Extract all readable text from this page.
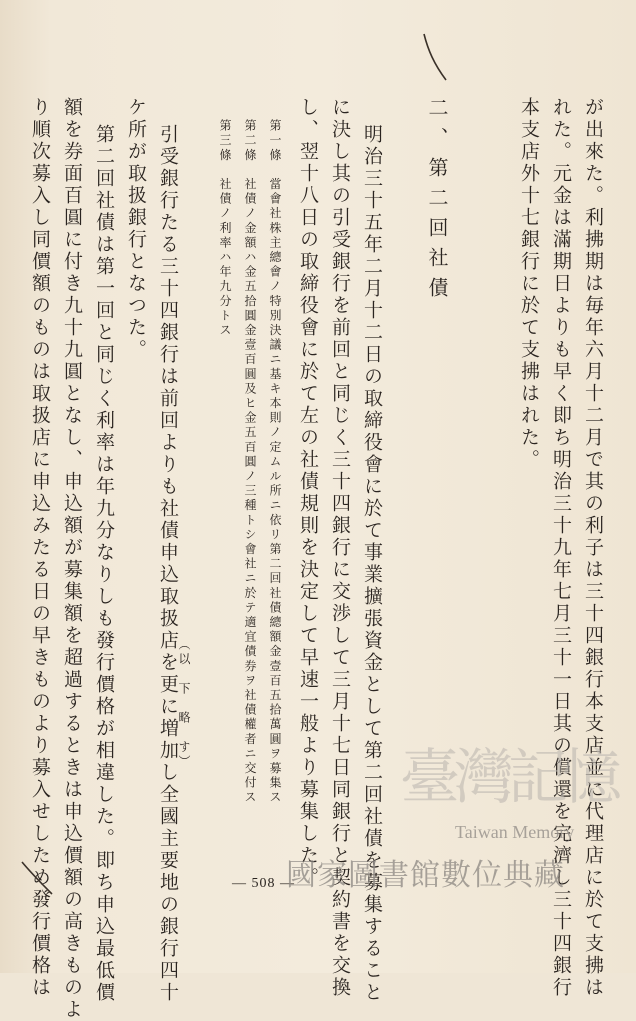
が出來た。利拂期は毎年六月十二月で其の利子は三十四銀行本支店並に代理店に於て支拂は
れた。元金は滿期日よりも早く即ち明治三十九年七月三十一日其の償還を完濟し三十四銀行
本支店外十七銀行に於て支拂はれた。
二、第二回社債
明治三十五年二月十二日の取締役會に於て事業擴張資金として第二回社債を募集すること
に決し其の引受銀行を前回と同じく三十四銀行に交渉して三月十七日同銀行と契約書を交換
し、翌十八日の取締役會に於て左の社債規則を決定して早速一般より募集した。
第一條　當會社株主總會ノ特別決議ニ基キ本則ノ定ムル所ニ依リ第二回社債總額金壹百五拾萬圓ヲ募集ス
第二條　社債ノ金額ハ金五拾圓金壹百圓及ヒ金五百圓ノ三種トシ會社ニ於テ適宜債券ヲ社債權者ニ交付ス
第三條　社債ノ利率ハ年九分トス
（以　下　略　す）
引受銀行たる三十四銀行は前回よりも社債申込取扱店を更に増加し全國主要地の銀行四十
ケ所が取扱銀行となつた。
第二回社債は第一回と同じく利率は年九分なりしも發行價格が相違した。即ち申込最低價
額を券面百圓に付き九十九圓となし、申込額が募集額を超過するときは申込價額の高きものよ
り順次募入し同價額のものは取扱店に申込みたる日の早きものより募入せしため發行價格は	— 508 —
臺灣記憶
Taiwan Memory
國家圖書館數位典藏
